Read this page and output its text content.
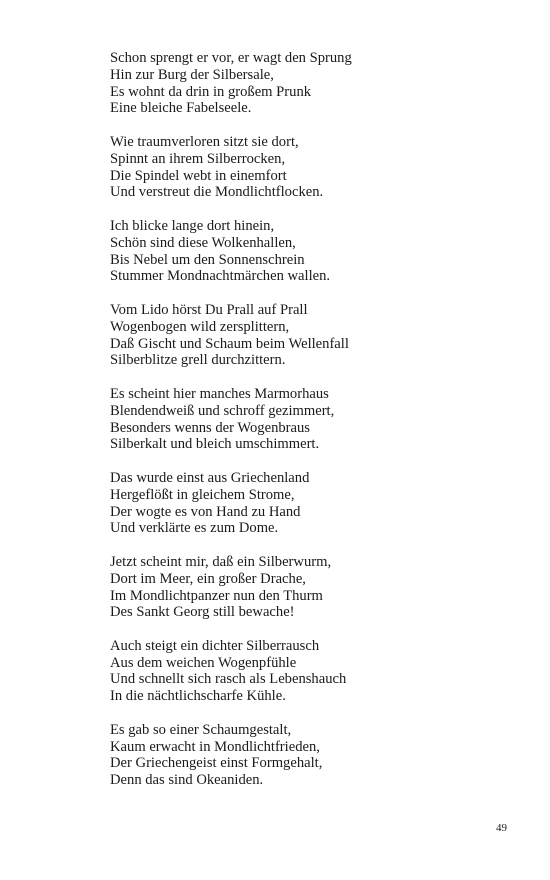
Schon sprengt er vor, er wagt den Sprung
Hin zur Burg der Silbersale,
Es wohnt da drin in großem Prunk
Eine bleiche Fabelseele.
Wie traumverloren sitzt sie dort,
Spinnt an ihrem Silberrocken,
Die Spindel webt in einemfort
Und verstreut die Mondlichtflocken.
Ich blicke lange dort hinein,
Schön sind diese Wolkenhallen,
Bis Nebel um den Sonnenschrein
Stummer Mondnachtmärchen wallen.
Vom Lido hörst Du Prall auf Prall
Wogenbogen wild zersplittern,
Daß Gischt und Schaum beim Wellenfall
Silberblitze grell durchzittern.
Es scheint hier manches Marmorhaus
Blendendweiß und schroff gezimmert,
Besonders wenns der Wogenbraus
Silberkalt und bleich umschimmert.
Das wurde einst aus Griechenland
Hergeflößt in gleichem Strome,
Der wogte es von Hand zu Hand
Und verklärte es zum Dome.
Jetzt scheint mir, daß ein Silberwurm,
Dort im Meer, ein großer Drache,
Im Mondlichtpanzer nun den Thurm
Des Sankt Georg still bewache!
Auch steigt ein dichter Silberrausch
Aus dem weichen Wogenpfühle
Und schnellt sich rasch als Lebenshauch
In die nächtlichscharfe Kühle.
Es gab so einer Schaumgestalt,
Kaum erwacht in Mondlichtfrieden,
Der Griechengeist einst Formgehalt,
Denn das sind Okeaniden.
49
